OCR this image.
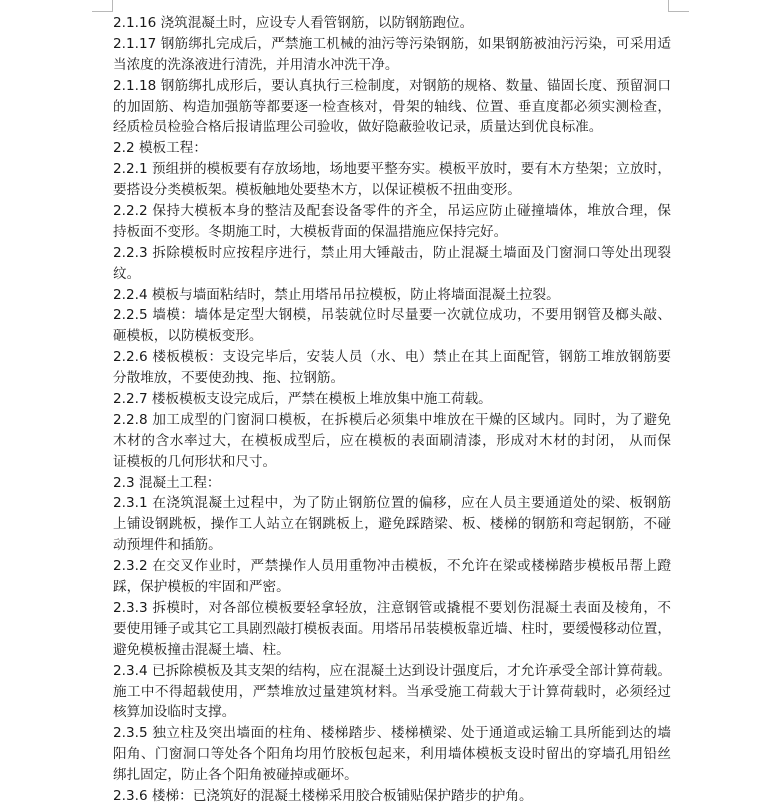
2.1.16 浇筑混凝土时，应设专人看管钢筋，以防钢筋跑位。
2.1.17 钢筋绑扎完成后，严禁施工机械的油污等污染钢筋，如果钢筋被油污污染，可采用适
当浓度的洗涤液进行清洗，并用清水冲洗干净。
2.1.18 钢筋绑扎成形后，要认真执行三检制度，对钢筋的规格、数量、锚固长度、预留洞口
的加固筋、构造加强筋等都要逐一检查核对，骨架的轴线、位置、垂直度都必须实测检查，
经质检员检验合格后报请监理公司验收，做好隐蔽验收记录，质量达到优良标准。
2.2 模板工程：
2.2.1 预组拼的模板要有存放场地，场地要平整夯实。模板平放时，要有木方垫架；立放时，
要搭设分类模板架。模板触地处要垫木方，以保证模板不扭曲变形。
2.2.2 保持大模板本身的整洁及配套设备零件的齐全，吊运应防止碰撞墙体，堆放合理，保
持板面不变形。冬期施工时，大模板背面的保温措施应保持完好。
2.2.3 拆除模板时应按程序进行，禁止用大锤敲击，防止混凝土墙面及门窗洞口等处出现裂
纹。
2.2.4 模板与墙面粘结时，禁止用塔吊吊拉模板，防止将墙面混凝土拉裂。
2.2.5 墙模：墙体是定型大钢模，吊装就位时尽量要一次就位成功，不要用钢管及榔头敲、
砸模板，以防模板变形。
2.2.6 楼板模板：支设完毕后，安装人员（水、电）禁止在其上面配管，钢筋工堆放钢筋要
分散堆放，不要使劲拽、拖、拉钢筋。
2.2.7 楼板模板支设完成后，严禁在模板上堆放集中施工荷载。
2.2.8 加工成型的门窗洞口模板，在拆模后必须集中堆放在干燥的区域内。同时，为了避免
木材的含水率过大，在模板成型后，应在模板的表面刷清漆，形成对木材的封闭， 从而保
证模板的几何形状和尺寸。
2.3 混凝土工程：
2.3.1 在浇筑混凝土过程中，为了防止钢筋位置的偏移，应在人员主要通道处的梁、板钢筋
上铺设钢跳板，操作工人站立在钢跳板上，避免踩踏梁、板、楼梯的钢筋和弯起钢筋，不碰
动预埋件和插筋。
2.3.2 在交叉作业时，严禁操作人员用重物冲击模板，不允许在梁或楼梯踏步模板吊帮上蹬
踩，保护模板的牢固和严密。
2.3.3 拆模时，对各部位模板要轻拿轻放，注意钢管或撬棍不要划伤混凝土表面及棱角，不
要使用锤子或其它工具剧烈敲打模板表面。用塔吊吊装模板靠近墙、柱时，要缓慢移动位置，
避免模板撞击混凝土墙、柱。
2.3.4 已拆除模板及其支架的结构，应在混凝土达到设计强度后，才允许承受全部计算荷载。
施工中不得超载使用，严禁堆放过量建筑材料。当承受施工荷载大于计算荷载时，必须经过
核算加设临时支撑。
2.3.5 独立柱及突出墙面的柱角、楼梯踏步、楼梯横梁、处于通道或运输工具所能到达的墙
阳角、门窗洞口等处各个阳角均用竹胶板包起来，利用墙体模板支设时留出的穿墙孔用铅丝
绑扎固定，防止各个阳角被碰掉或砸坏。
2.3.6 楼梯：已浇筑好的混凝土楼梯采用胶合板铺贴保护踏步的护角。
